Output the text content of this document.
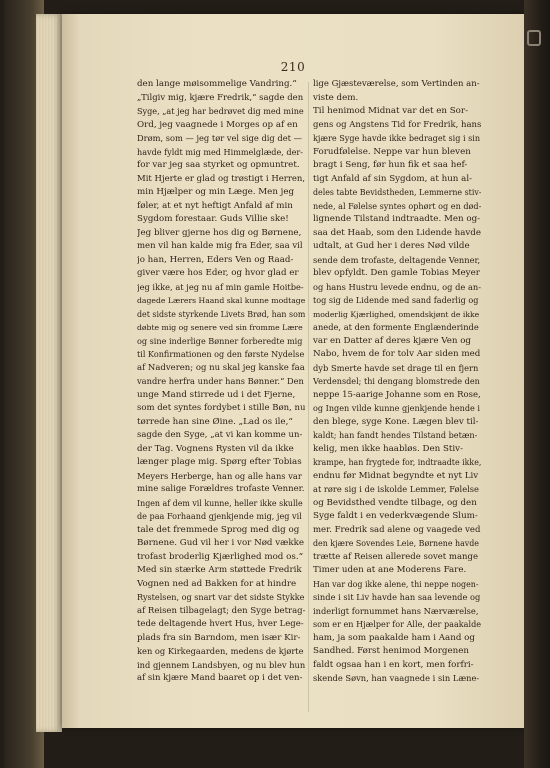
210
den lange møisommelige Vandring.“
„Tilgiv mig, kjære Fredrik,“ sagde den
Syge, „at jeg har bedrøvet dig med mine
Ord, jeg vaagnede i Morges op af en
Drøm, som — jeg tør vel sige dig det —
havde fyldt mig med Himmelglæde, der-
for var jeg saa styrket og opmuntret.
Mit Hjerte er glad og trøstigt i Herren,
min Hjælper og min Læge. Men jeg
føler, at et nyt heftigt Anfald af min
Sygdom forestaar. Guds Villie ske!
Jeg bliver gjerne hos dig og Børnene,
men vil han kalde mig fra Eder, saa vil
jo han, Herren, Eders Ven og Raad-
giver være hos Eder, og hvor glad er
jeg ikke, at jeg nu af min gamle Hoitbe-
dagede Lærers Haand skal kunne modtage
det sidste styrkende Livets Brød, han som
døbte mig og senere ved sin fromme Lære
og sine inderlige Bønner forberedte mig
til Konfirmationen og den første Nydelse
af Nadveren; og nu skal jeg kanske faa
vandre herfra under hans Bønner.“ Den
unge Mand stirrede ud i det Fjerne,
som det syntes fordybet i stille Bøn, nu
tørrede han sine Øine. „Lad os ile,“
sagde den Syge, „at vi kan komme un-
der Tag. Vognens Rysten vil da ikke
længer plage mig. Spørg efter Tobias
Meyers Herberge, han og alle hans var
mine salige Forældres trofaste Venner.
Ingen af dem vil kunne, heller ikke skulle
de paa Forhaand gjenkjende mig, jeg vil
tale det fremmede Sprog med dig og
Børnene. Gud vil her i vor Nød vække
trofast broderlig Kjærlighed mod os.“
Med sin stærke Arm støttede Fredrik
Vognen ned ad Bakken for at hindre
Rystelsen, og snart var det sidste Stykke
af Reisen tilbagelagt; den Syge betrag-
tede deltagende hvert Hus, hver Lege-
plads fra sin Barndom, men især Kir-
ken og Kirkegaarden, medens de kjørte
ind gjennem Landsbyen, og nu blev hun
af sin kjære Mand baaret op i det ven-
lige Gjæsteværelse, som Vertinden an-
viste dem.
Til henimod Midnat var det en Sor-
gens og Angstens Tid for Fredrik, hans
kjære Syge havde ikke bedraget sig i sin
Forudfølelse. Neppe var hun bleven
bragt i Seng, før hun fik et saa hef-
tigt Anfald af sin Sygdom, at hun al-
deles tabte Bevidstheden, Lemmerne stiv-
nede, al Følelse syntes ophørt og en død-
lignende Tilstand indtraadte. Men og-
saa det Haab, som den Lidende havde
udtalt, at Gud her i deres Nød vilde
sende dem trofaste, deltagende Venner,
blev opfyldt. Den gamle Tobias Meyer
og hans Hustru levede endnu, og de an-
tog sig de Lidende med sand faderlig og
moderlig Kjærlighed, omendskjønt de ikke
anede, at den formente Englænderinde
var en Datter af deres kjære Ven og
Nabo, hvem de for tolv Aar siden med
dyb Smerte havde set drage til en fjern
Verdensdel; thi dengang blomstrede den
neppe 15-aarige Johanne som en Rose,
og Ingen vilde kunne gjenkjende hende i
den blege, syge Kone. Lægen blev til-
kaldt; han fandt hendes Tilstand betæn-
kelig, men ikke haabløs. Den Stiv-
krampe, han frygtede for, indtraadte ikke,
endnu før Midnat begyndte et nyt Liv
at røre sig i de iskolde Lemmer, Følelse
og Bevidsthed vendte tilbage, og den
Syge faldt i en vederkvægende Slum-
mer. Fredrik sad alene og vaagede ved
den kjære Sovendes Leie, Børnene havde
trætte af Reisen allerede sovet mange
Timer uden at ane Moderens Fare.
Han var dog ikke alene, thi neppe nogen-
sinde i sit Liv havde han saa levende og
inderligt fornummet hans Nærværelse,
som er en Hjælper for Alle, der paakalde
ham, ja som paakalde ham i Aand og
Sandhed. Først henimod Morgenen
faldt ogsaa han i en kort, men forfri-
skende Søvn, han vaagnede i sin Læne-
